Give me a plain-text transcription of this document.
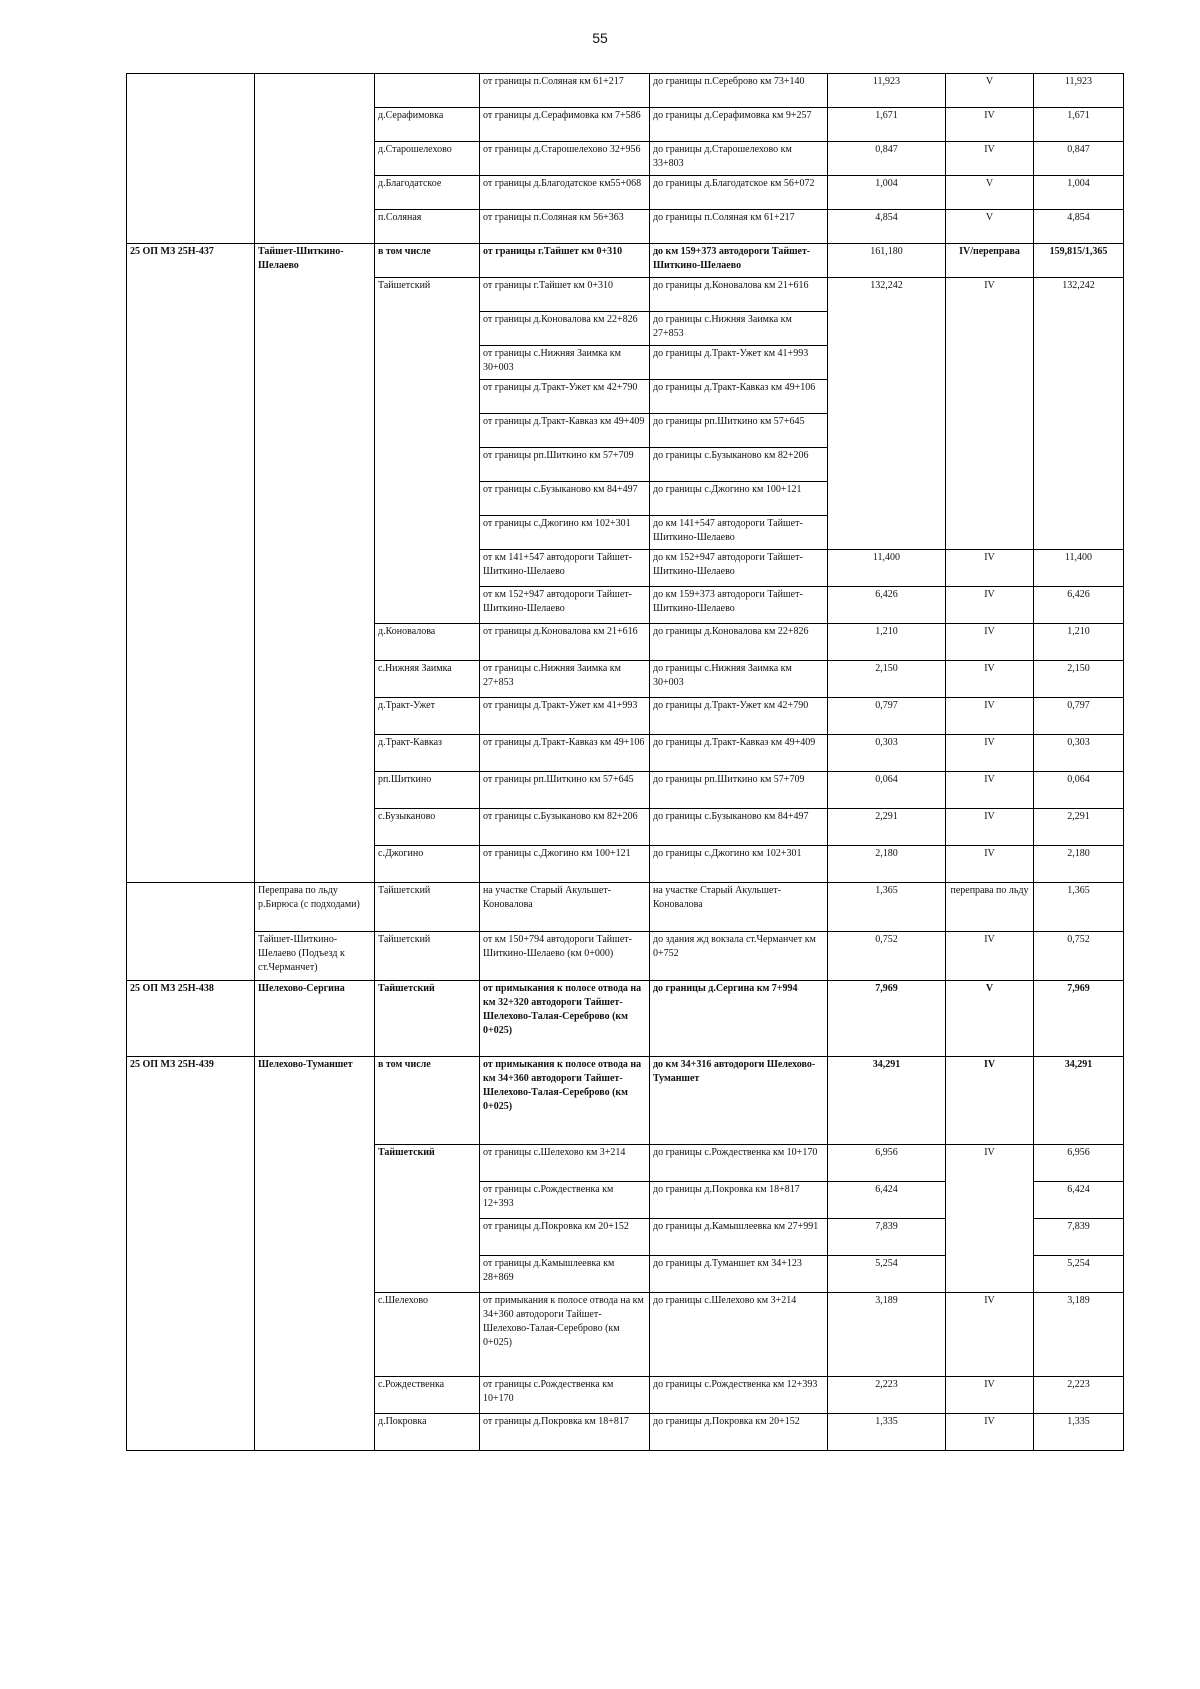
55
			от границы п.Соляная км 61+217	до границы п.Сереброво км 73+140	11,923	V	11,923
		д.Серафимовка	от границы д.Серафимовка км 7+586	до границы д.Серафимовка км 9+257	1,671	IV	1,671
		д.Старошелехово	от границы д.Старошелехово 32+956	до границы д.Старошелехово км 33+803	0,847	IV	0,847
		д.Благодатское	от границы д.Благодатское км55+068	до границы д.Благодатское км 56+072	1,004	V	1,004
		п.Соляная	от границы п.Соляная км 56+363	до границы п.Соляная км 61+217	4,854	V	4,854
25 ОП МЗ 25Н-437	Тайшет-Шиткино-Шелаево	в том числе	от границы г.Тайшет км 0+310	до км 159+373 автодороги Тайшет-Шиткино-Шелаево	161,180	IV/переправа	159,815/1,365
		Тайшетский	от границы г.Тайшет км 0+310	до границы д.Коновалова км 21+616	132,242	IV	132,242
			от границы д.Коновалова км 22+826	до границы с.Нижняя Заимка км 27+853			
			от границы с.Нижняя Заимка км 30+003	до границы д.Тракт-Ужет км 41+993			
			от границы д.Тракт-Ужет км 42+790	до границы д.Тракт-Кавказ км 49+106			
			от границы д.Тракт-Кавказ км 49+409	до границы рп.Шиткино км 57+645			
			от границы рп.Шиткино км 57+709	до границы с.Бузыканово км 82+206			
			от границы с.Бузыканово км 84+497	до границы с.Джогино км 100+121			
			от границы с.Джогино км 102+301	до км 141+547 автодороги Тайшет-Шиткино-Шелаево			
			от км 141+547 автодороги Тайшет-Шиткино-Шелаево	до км 152+947 автодороги Тайшет-Шиткино-Шелаево	11,400	IV	11,400
			от км 152+947 автодороги Тайшет-Шиткино-Шелаево	до км 159+373 автодороги Тайшет-Шиткино-Шелаево	6,426	IV	6,426
		д.Коновалова	от границы д.Коновалова км 21+616	до границы д.Коновалова км 22+826	1,210	IV	1,210
		с.Нижняя Заимка	от границы с.Нижняя Заимка км 27+853	до границы с.Нижняя Заимка км 30+003	2,150	IV	2,150
		д.Тракт-Ужет	от границы д.Тракт-Ужет км 41+993	до границы д.Тракт-Ужет км 42+790	0,797	IV	0,797
		д.Тракт-Кавказ	от границы д.Тракт-Кавказ км 49+106	до границы д.Тракт-Кавказ км 49+409	0,303	IV	0,303
		рп.Шиткино	от границы рп.Шиткино км 57+645	до границы рп.Шиткино км 57+709	0,064	IV	0,064
		с.Бузыканово	от границы с.Бузыканово км 82+206	до границы с.Бузыканово км 84+497	2,291	IV	2,291
		с.Джогино	от границы с.Джогино км 100+121	до границы с.Джогино км 102+301	2,180	IV	2,180
	Переправа по льду р.Бирюса (с подходами)	Тайшетский	на участке Старый Акульшет-Коновалова	на участке Старый Акульшет-Коновалова	1,365	переправа по льду	1,365
	Тайшет-Шиткино-Шелаево (Подъезд к ст.Черманчет)	Тайшетский	от км 150+794 автодороги Тайшет-Шиткино-Шелаево (км 0+000)	до здания жд вокзала ст.Черманчет км 0+752	0,752	IV	0,752
25 ОП МЗ 25Н-438	Шелехово-Сергина	Тайшетский	от примыкания к полосе отвода на км 32+320 автодороги Тайшет-Шелехово-Талая-Сереброво (км 0+025)	до границы д.Сергина км 7+994	7,969	V	7,969
25 ОП МЗ 25Н-439	Шелехово-Туманшет	в том числе	от примыкания к полосе отвода на км 34+360 автодороги Тайшет-Шелехово-Талая-Сереброво (км 0+025)	до км 34+316 автодороги Шелехово-Туманшет	34,291	IV	34,291
		Тайшетский	от границы с.Шелехово км 3+214	до границы с.Рождественка км 10+170	6,956	IV	6,956
			от границы с.Рождественка км 12+393	до границы д.Покровка км 18+817	6,424		6,424
			от границы д.Покровка км 20+152	до границы д.Камышлеевка км 27+991	7,839		7,839
			от границы д.Камышлеевка км 28+869	до границы д.Туманшет км 34+123	5,254		5,254
		с.Шелехово	от примыкания к полосе отвода на км 34+360 автодороги Тайшет-Шелехово-Талая-Сереброво (км 0+025)	до границы с.Шелехово км 3+214	3,189	IV	3,189
		с.Рождественка	от границы с.Рождественка км 10+170	до границы с.Рождественка км 12+393	2,223	IV	2,223
		д.Покровка	от границы д.Покровка км 18+817	до границы д.Покровка км 20+152	1,335	IV	1,335
